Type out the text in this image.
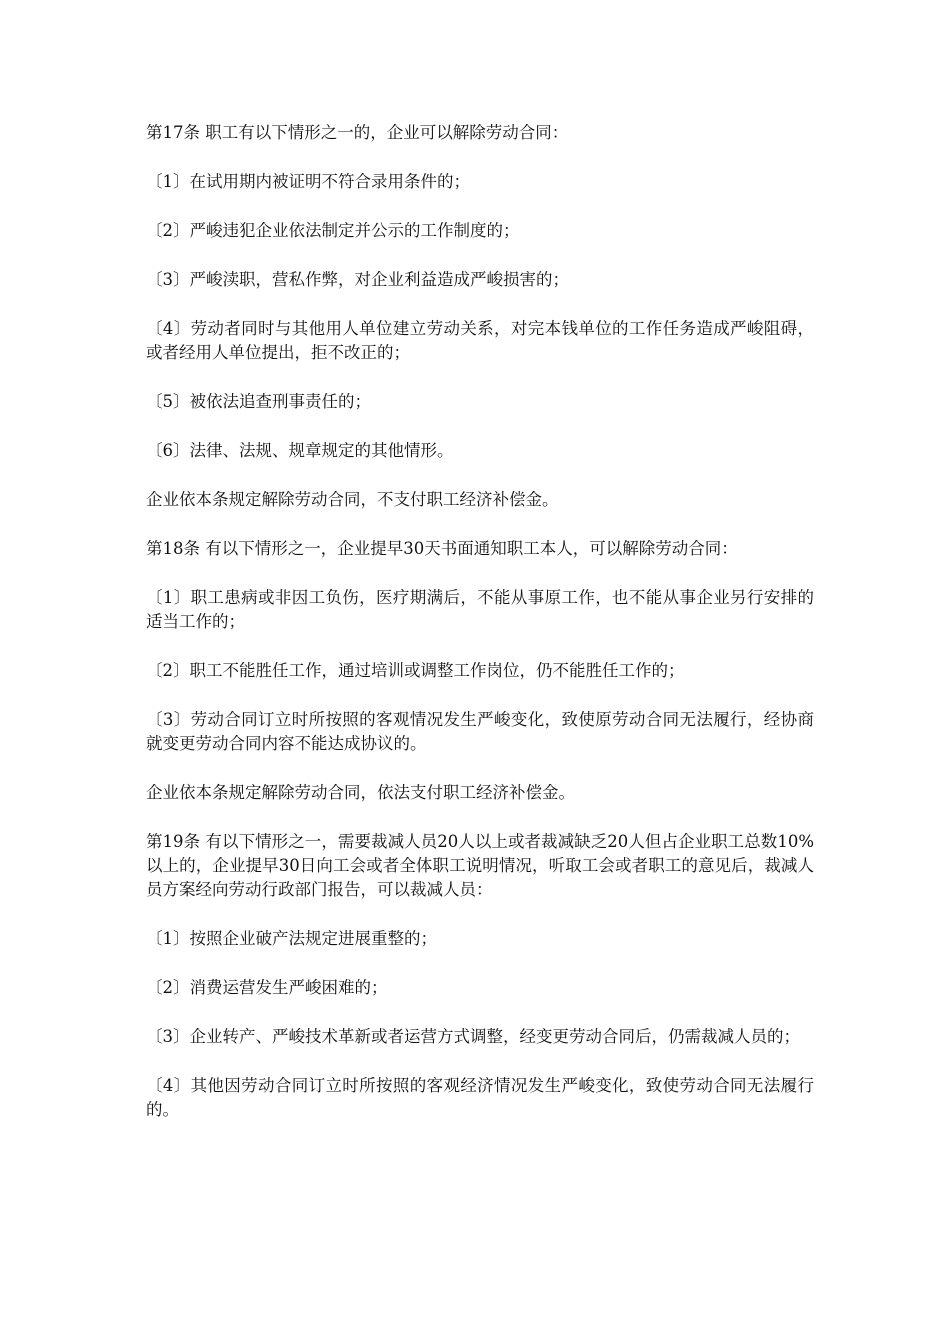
第17条 职工有以下情形之一的，企业可以解除劳动合同：

〔1〕在试用期内被证明不符合录用条件的；

〔2〕严峻违犯企业依法制定并公示的工作制度的；

〔3〕严峻渎职，营私作弊，对企业利益造成严峻损害的；

〔4〕劳动者同时与其他用人单位建立劳动关系，对完本钱单位的工作任务造成严峻阻碍，或者经用人单位提出，拒不改正的；

〔5〕被依法追查刑事责任的；

〔6〕法律、法规、规章规定的其他情形。

企业依本条规定解除劳动合同，不支付职工经济补偿金。

第18条 有以下情形之一，企业提早30天书面通知职工本人，可以解除劳动合同：

〔1〕职工患病或非因工负伤，医疗期满后，不能从事原工作，也不能从事企业另行安排的适当工作的；

〔2〕职工不能胜任工作，通过培训或调整工作岗位，仍不能胜任工作的；

〔3〕劳动合同订立时所按照的客观情况发生严峻变化，致使原劳动合同无法履行，经协商就变更劳动合同内容不能达成协议的。

企业依本条规定解除劳动合同，依法支付职工经济补偿金。

第19条 有以下情形之一，需要裁减人员20人以上或者裁减缺乏20人但占企业职工总数10%以上的，企业提早30日向工会或者全体职工说明情况，听取工会或者职工的意见后，裁减人员方案经向劳动行政部门报告，可以裁减人员：

〔1〕按照企业破产法规定进展重整的；

〔2〕消费运营发生严峻困难的；

〔3〕企业转产、严峻技术革新或者运营方式调整，经变更劳动合同后，仍需裁减人员的；

〔4〕其他因劳动合同订立时所按照的客观经济情况发生严峻变化，致使劳动合同无法履行的。
